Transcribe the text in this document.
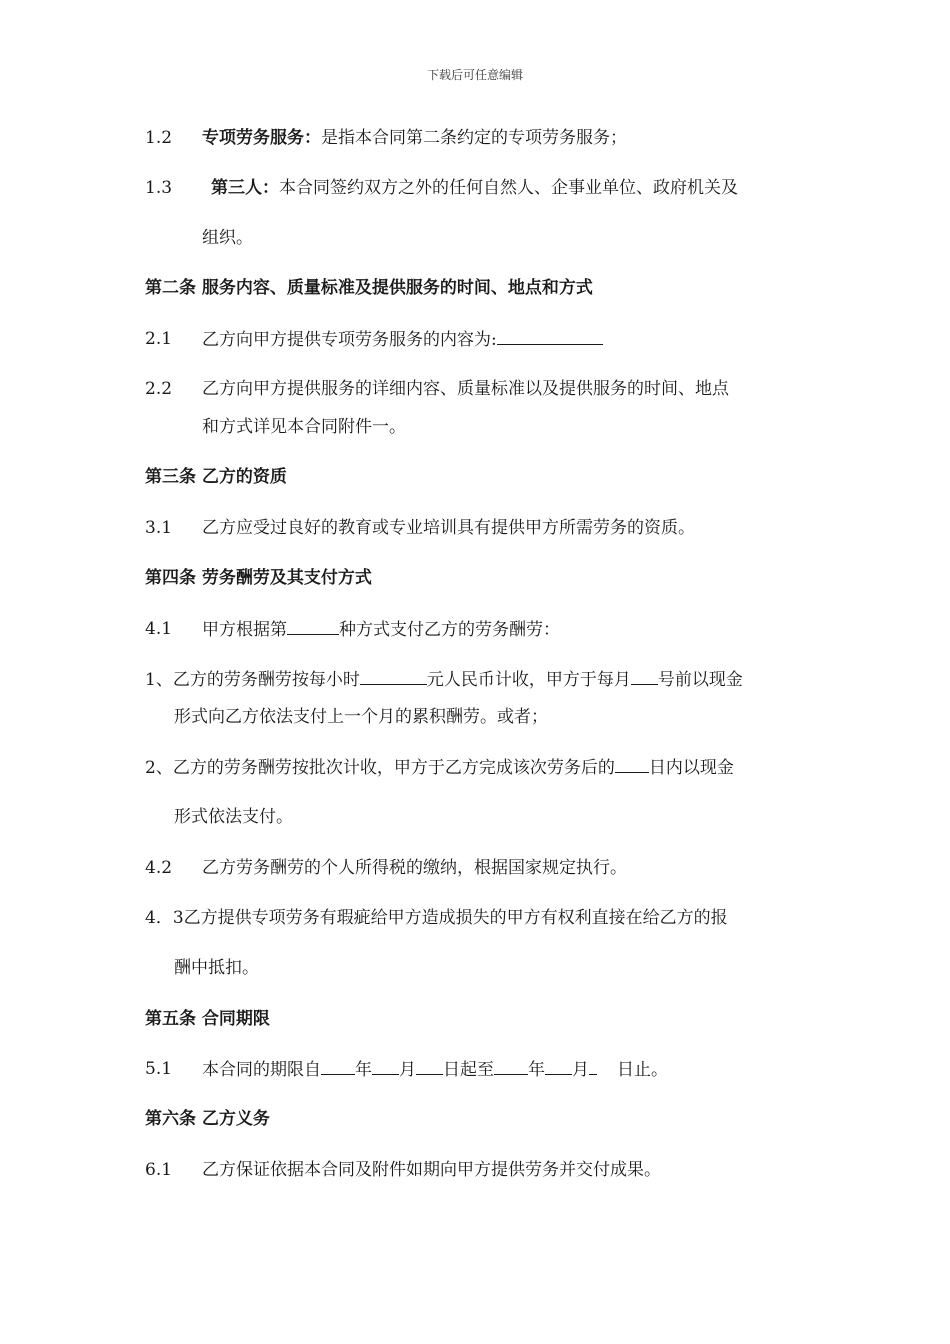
下载后可任意编辑
1.2 专项劳务服务：是指本合同第二条约定的专项劳务服务；
1.3 第三人：本合同签约双方之外的任何自然人、企事业单位、政府机关及
组织。
第二条 服务内容、质量标准及提供服务的时间、地点和方式
2.1 乙方向甲方提供专项劳务服务的内容为:
2.2 乙方向甲方提供服务的详细内容、质量标准以及提供服务的时间、地点
和方式详见本合同附件一。
第三条 乙方的资质
3.1 乙方应受过良好的教育或专业培训具有提供甲方所需劳务的资质。
第四条 劳务酬劳及其支付方式
4.1 甲方根据第	种方式支付乙方的劳务酬劳：
1、乙方的劳务酬劳按每小时	元人民币计收，甲方于每月 号前以现金
形式向乙方依法支付上一个月的累积酬劳。或者；
2、乙方的劳务酬劳按批次计收，甲方于乙方完成该次劳务后的 日内以现金
形式依法支付。
4.2 乙方劳务酬劳的个人所得税的缴纳，根据国家规定执行。
4．3乙方提供专项劳务有瑕疵给甲方造成损失的甲方有权利直接在给乙方的报
酬中抵扣。
第五条 合同期限
5.1 本合同的期限自 年 月 日起至 年 月 日止。
第六条 乙方义务
6.1 乙方保证依据本合同及附件如期向甲方提供劳务并交付成果。
